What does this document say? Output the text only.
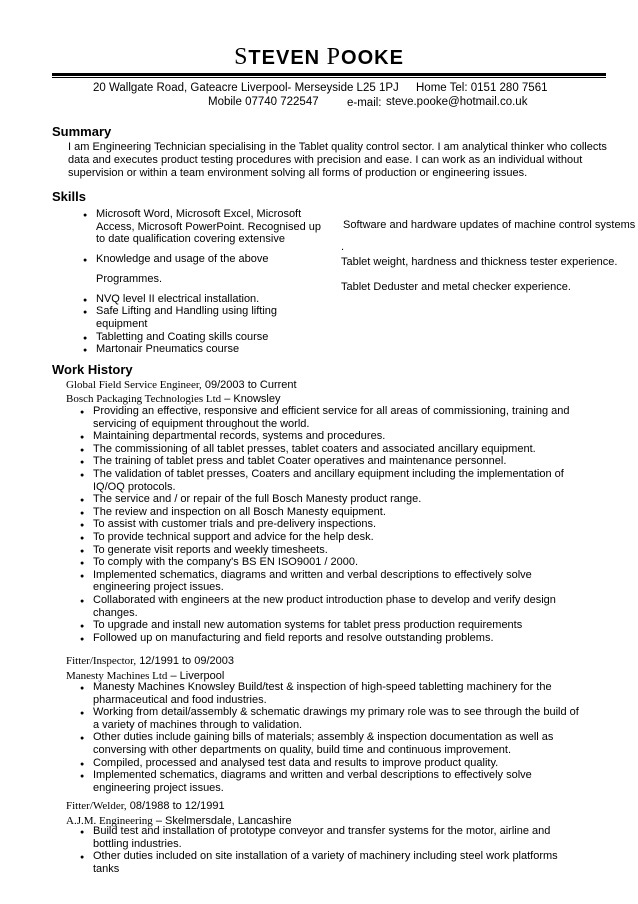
STEVEN POOKE
20 Wallgate Road, Gateacre Liverpool- Merseyside L25 1PJ Home Tel: 0151 280 7561
Mobile 07740 722547 e-mail: steve.pooke@hotmail.co.uk
Summary
I am Engineering Technician specialising in the Tablet quality control sector. I am analytical thinker who collects data and executes product testing procedures with precision and ease. I can work as an individual without supervision or within a team environment solving all forms of production or engineering issues.
Skills
● Microsoft Word, Microsoft Excel, Microsoft Access, Microsoft PowerPoint. Recognised up to date qualification covering extensive
● Knowledge and usage of the above Programmes.
● NVQ level II electrical installation.
● Safe Lifting and Handling using lifting equipment
● Tabletting and Coating skills course
● Martonair Pneumatics course
Software and hardware updates of machine control systems
.
Tablet weight, hardness and thickness tester experience.
Tablet Deduster and metal checker experience.
Work History
Global Field Service Engineer, 09/2003 to Current
Bosch Packaging Technologies Ltd – Knowsley
● Providing an effective, responsive and efficient service for all areas of commissioning, training and servicing of equipment throughout the world.
● Maintaining departmental records, systems and procedures.
● The commissioning of all tablet presses, tablet coaters and associated ancillary equipment.
● The training of tablet press and tablet Coater operatives and maintenance personnel.
● The validation of tablet presses, Coaters and ancillary equipment including the implementation of IQ/OQ protocols.
● The service and / or repair of the full Bosch Manesty product range.
● The review and inspection on all Bosch Manesty equipment.
● To assist with customer trials and pre-delivery inspections.
● To provide technical support and advice for the help desk.
● To generate visit reports and weekly timesheets.
● To comply with the company's BS EN ISO9001 / 2000.
● Implemented schematics, diagrams and written and verbal descriptions to effectively solve engineering project issues.
● Collaborated with engineers at the new product introduction phase to develop and verify design changes.
● To upgrade and install new automation systems for tablet press production requirements
● Followed up on manufacturing and field reports and resolve outstanding problems.
Fitter/Inspector, 12/1991 to 09/2003
Manesty Machines Ltd – Liverpool
● Manesty Machines Knowsley Build/test & inspection of high-speed tabletting machinery for the pharmaceutical and food industries.
● Working from detail/assembly & schematic drawings my primary role was to see through the build of a variety of machines through to validation.
● Other duties include gaining bills of materials; assembly & inspection documentation as well as conversing with other departments on quality, build time and continuous improvement.
● Compiled, processed and analysed test data and results to improve product quality.
● Implemented schematics, diagrams and written and verbal descriptions to effectively solve engineering project issues.
Fitter/Welder, 08/1988 to 12/1991
A.J.M. Engineering – Skelmersdale, Lancashire
● Build test and installation of prototype conveyor and transfer systems for the motor, airline and bottling industries.
● Other duties included on site installation of a variety of machinery including steel work platforms tanks
